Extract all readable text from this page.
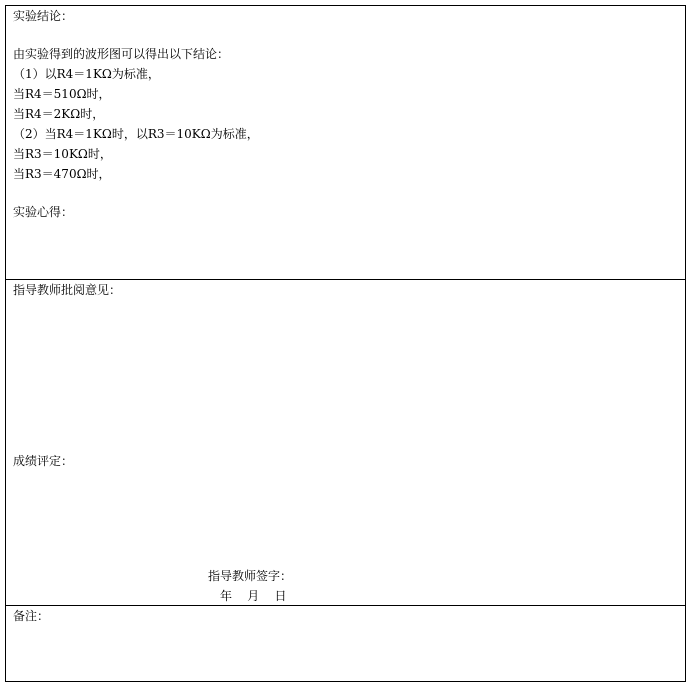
实验结论：
由实验得到的波形图可以得出以下结论：
（1）以R4＝1KΩ为标准，
当R4＝510Ω时，
当R4＝2KΩ时，
（2）当R4＝1KΩ时，以R3＝10KΩ为标准，
当R3＝10KΩ时，
当R3＝470Ω时，
实验心得：
指导教师批阅意见：
成绩评定：
指导教师签字：
年    月    日
备注：
